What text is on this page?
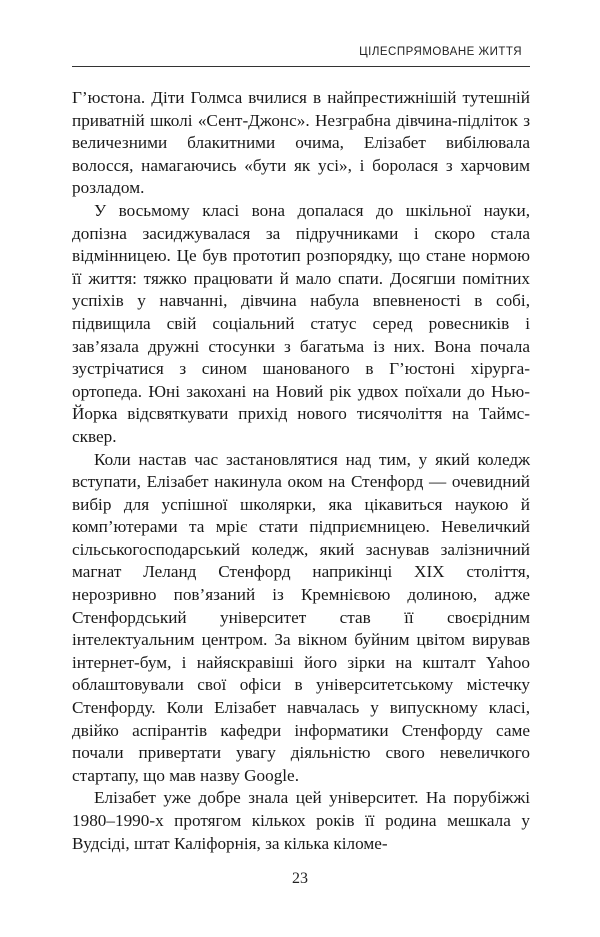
ЦІЛЕСПРЯМОВАНЕ ЖИТТЯ

Г’юстона. Діти Голмса вчилися в найпрестижнішій тутешній приватній школі «Сент-Джонс». Незграбна дівчина-підліток з величезними блакитними очима, Елізабет вибілювала волосся, намагаючись «бути як усі», і боролася з харчовим розладом.

У восьмому класі вона допалася до шкільної науки, допізна засиджувалася за підручниками і скоро стала відмінницею. Це був прототип розпорядку, що стане нормою її життя: тяжко працювати й мало спати. Досягши помітних успіхів у навчанні, дівчина набула впевненості в собі, підвищила свій соціальний статус серед ровесників і зав’язала дружні стосунки з багатьма із них. Вона почала зустрічатися з сином шанованого в Г’юстоні хірурга-ортопеда. Юні закохані на Новий рік удвох поїхали до Нью-Йорка відсвяткувати прихід нового тисячоліття на Таймс-сквер.

Коли настав час застановлятися над тим, у який коледж вступати, Елізабет накинула оком на Стенфорд — очевидний вибір для успішної школярки, яка цікавиться наукою й комп’ютерами та мріє стати підприємницею. Невеличкий сільськогосподарський коледж, який заснував залізничний магнат Леланд Стенфорд наприкінці XIX століття, нерозривно пов’язаний із Кремнієвою долиною, адже Стенфордський університет став її своєрідним інтелектуальним центром. За вікном буйним цвітом вирував інтернет-бум, і найяскравіші його зірки на кшталт Yahoo облаштовували свої офіси в університетському містечку Стенфорду. Коли Елізабет навчалась у випускному класі, двійко аспірантів кафедри інформатики Стенфорду саме почали привертати увагу діяльністю свого невеличкого стартапу, що мав назву Google.

Елізабет уже добре знала цей університет. На порубіжжі 1980–1990-х протягом кількох років її родина мешкала у Вудсіді, штат Каліфорнія, за кілька кіломе-

23
